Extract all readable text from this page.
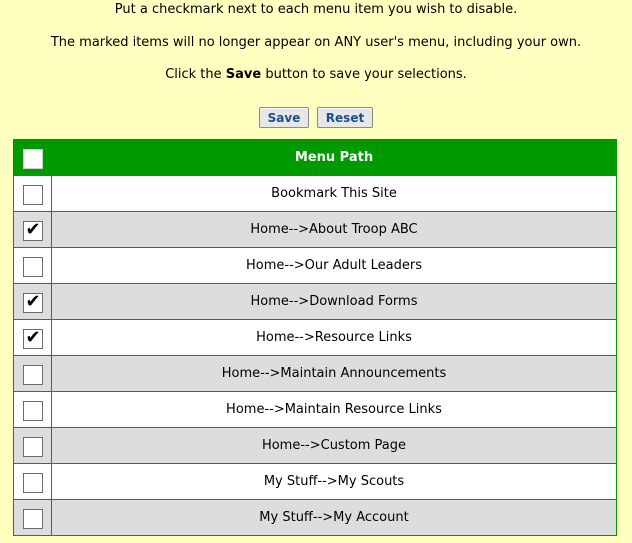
Put a checkmark next to each menu item you wish to disable.
The marked items will no longer appear on ANY user's menu, including your own.
Click the Save button to save your selections.
Save Reset
	Menu Path
	Bookmark This Site

✔	Home-->About Troop ABC
	Home-->Our Adult Leaders

✔	Home-->Download Forms

✔	Home-->Resource Links
	Home-->Maintain Announcements
	Home-->Maintain Resource Links
	Home-->Custom Page
	My Stuff-->My Scouts
	My Stuff-->My Account
